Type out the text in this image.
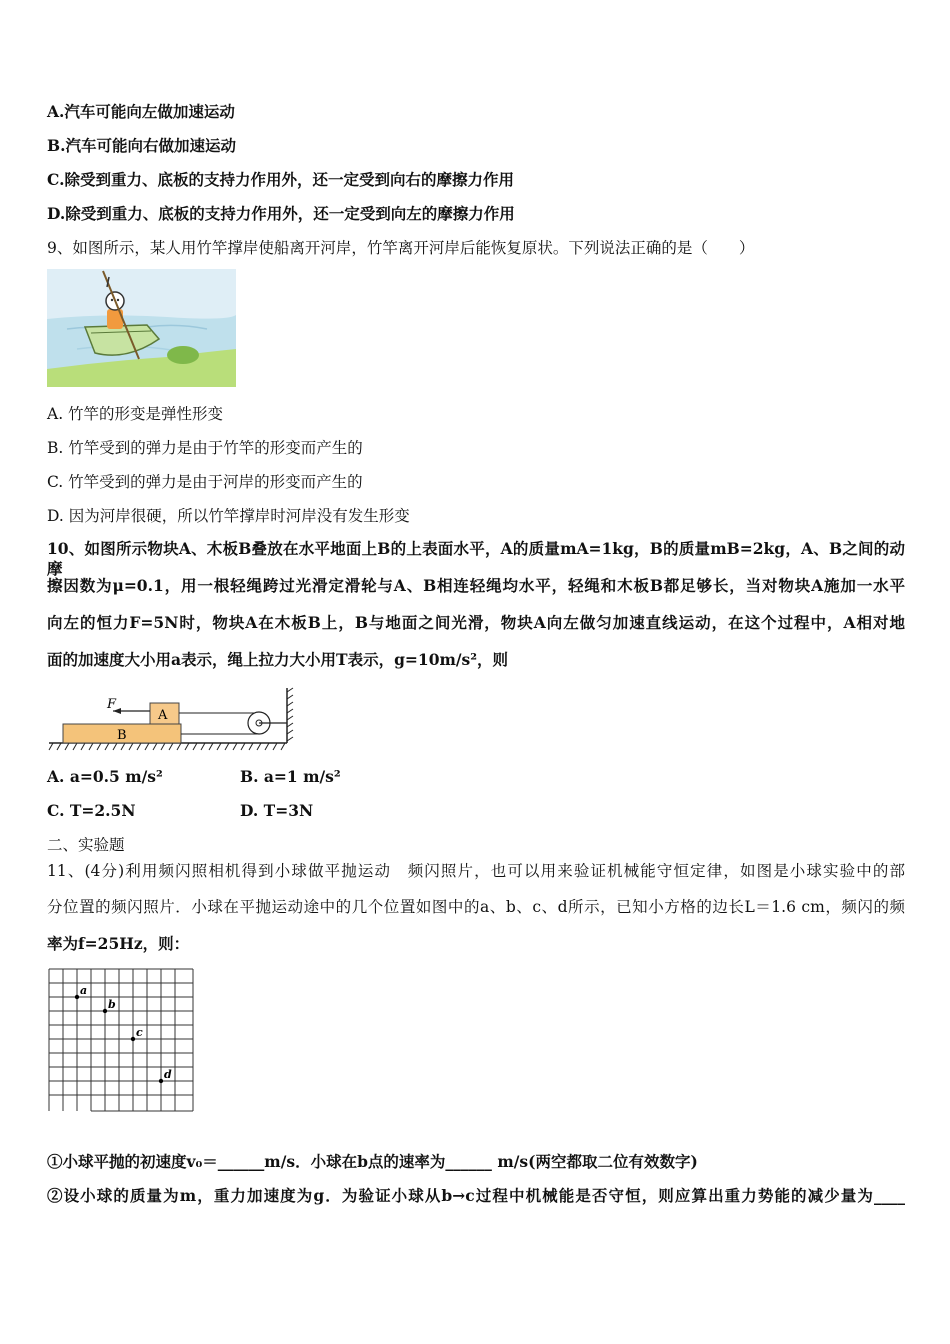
A.汽车可能向左做加速运动
B.汽车可能向右做加速运动
C.除受到重力、底板的支持力作用外，还一定受到向右的摩擦力作用
D.除受到重力、底板的支持力作用外，还一定受到向左的摩擦力作用
9、如图所示，某人用竹竿撑岸使船离开河岸，竹竿离开河岸后能恢复原状。下列说法正确的是（　　）
A. 竹竿的形变是弹性形变
B. 竹竿受到的弹力是由于竹竿的形变而产生的
C. 竹竿受到的弹力是由于河岸的形变而产生的
D. 因为河岸很硬，所以竹竿撑岸时河岸没有发生形变
10、如图所示物块A、木板B叠放在水平地面上B的上表面水平，A的质量mA=1kg，B的质量mB=2kg，A、B之间的动摩
擦因数为μ=0.1，用一根轻绳跨过光滑定滑轮与A、B相连轻绳均水平，轻绳和木板B都足够长，当对物块A施加一水平
向左的恒力F=5N时，物块A在木板B上，B与地面之间光滑，物块A向左做匀加速直线运动，在这个过程中，A相对地
面的加速度大小用a表示，绳上拉力大小用T表示，g=10m/s²，则
F
A
B
A. a=0.5 m/s²	B. a=1 m/s²
C. T=2.5N	D. T=3N
二、实验题
11、(4分)利用频闪照相机得到小球做平抛运动　频闪照片，也可以用来验证机械能守恒定律，如图是小球实验中的部
分位置的频闪照片．小球在平抛运动途中的几个位置如图中的a、b、c、d所示，已知小方格的边长L＝1.6 cm，频闪的频
率为f=25Hz，则：
a
b
c
d
①小球平抛的初速度v₀＝______m/s．小球在b点的速率为______ m/s(两空都取二位有效数字)
②设小球的质量为m，重力加速度为g．为验证小球从b→c过程中机械能是否守恒，则应算出重力势能的减少量为____
